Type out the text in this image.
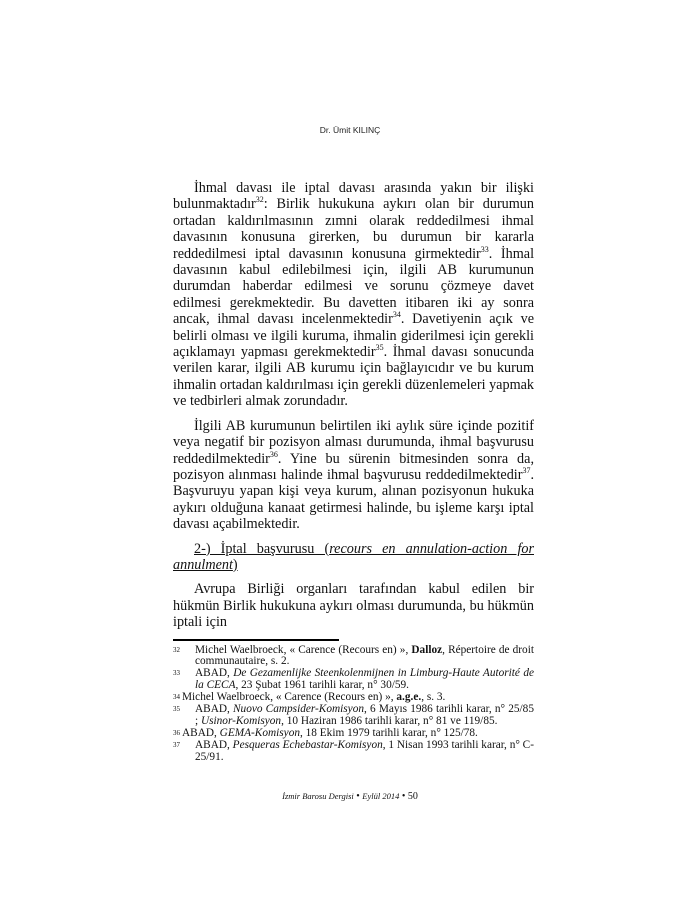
Dr. Ümit KILINÇ

İhmal davası ile iptal davası arasında yakın bir ilişki bulunmaktadır$^{32}$: Birlik hukukuna aykırı olan bir durumun ortadan kaldırılmasının zımni olarak reddedilmesi ihmal davasının konusuna girerken, bu durumun bir kararla reddedilmesi iptal davasının konusuna girmektedir$^{33}$. İhmal davasının kabul edilebilmesi için, ilgili AB kurumunun durumdan haberdar edilmesi ve sorunu çözmeye davet edilmesi gerekmektedir. Bu davetten itibaren iki ay sonra ancak, ihmal davası incelenmektedir$^{34}$. Davetiyenin açık ve belirli olması ve ilgili kuruma, ihmalin giderilmesi için gerekli açıklamayı yapması gerekmektedir$^{35}$. İhmal davası sonucunda verilen karar, ilgili AB kurumu için bağlayıcıdır ve bu kurum ihmalin ortadan kaldırılması için gerekli düzenlemeleri yapmak ve tedbirleri almak zorundadır.

İlgili AB kurumunun belirtilen iki aylık süre içinde pozitif veya negatif bir pozisyon alması durumunda, ihmal başvurusu reddedilmektedir$^{36}$. Yine bu sürenin bitmesinden sonra da, pozisyon alınması halinde ihmal başvurusu reddedilmektedir$^{37}$. Başvuruyu yapan kişi veya kurum, alınan pozisyonun hukuka aykırı olduğuna kanaat getirmesi halinde, bu işleme karşı iptal davası açabilmektedir.

2-) İptal başvurusu (recours en annulation-action for annulment)

Avrupa Birliği organları tarafından kabul edilen bir hükmün Birlik hukukuna aykırı olması durumunda, bu hükmün iptali için

32	Michel Waelbroeck, « Carence (Recours en) », Dalloz, Répertoire de droit communautaire, s. 2.
33	ABAD, De Gezamenlijke Steenkolenmijnen in Limburg-Haute Autorité de la CECA, 23 Şubat 1961 tarihli karar, n° 30/59.
34 Michel Waelbroeck, « Carence (Recours en) », a.g.e., s. 3.
35	ABAD, Nuovo Campsider-Komisyon, 6 Mayıs 1986 tarihli karar, n° 25/85 ; Usinor-Komisyon, 10 Haziran 1986 tarihli karar, n° 81 ve 119/85.
36 ABAD, GEMA-Komisyon, 18 Ekim 1979 tarihli karar, n° 125/78.
37	ABAD, Pesqueras Echebastar-Komisyon, 1 Nisan 1993 tarihli karar, n° C-25/91.
İzmir Barosu Dergisi • Eylül 2014 • 50
